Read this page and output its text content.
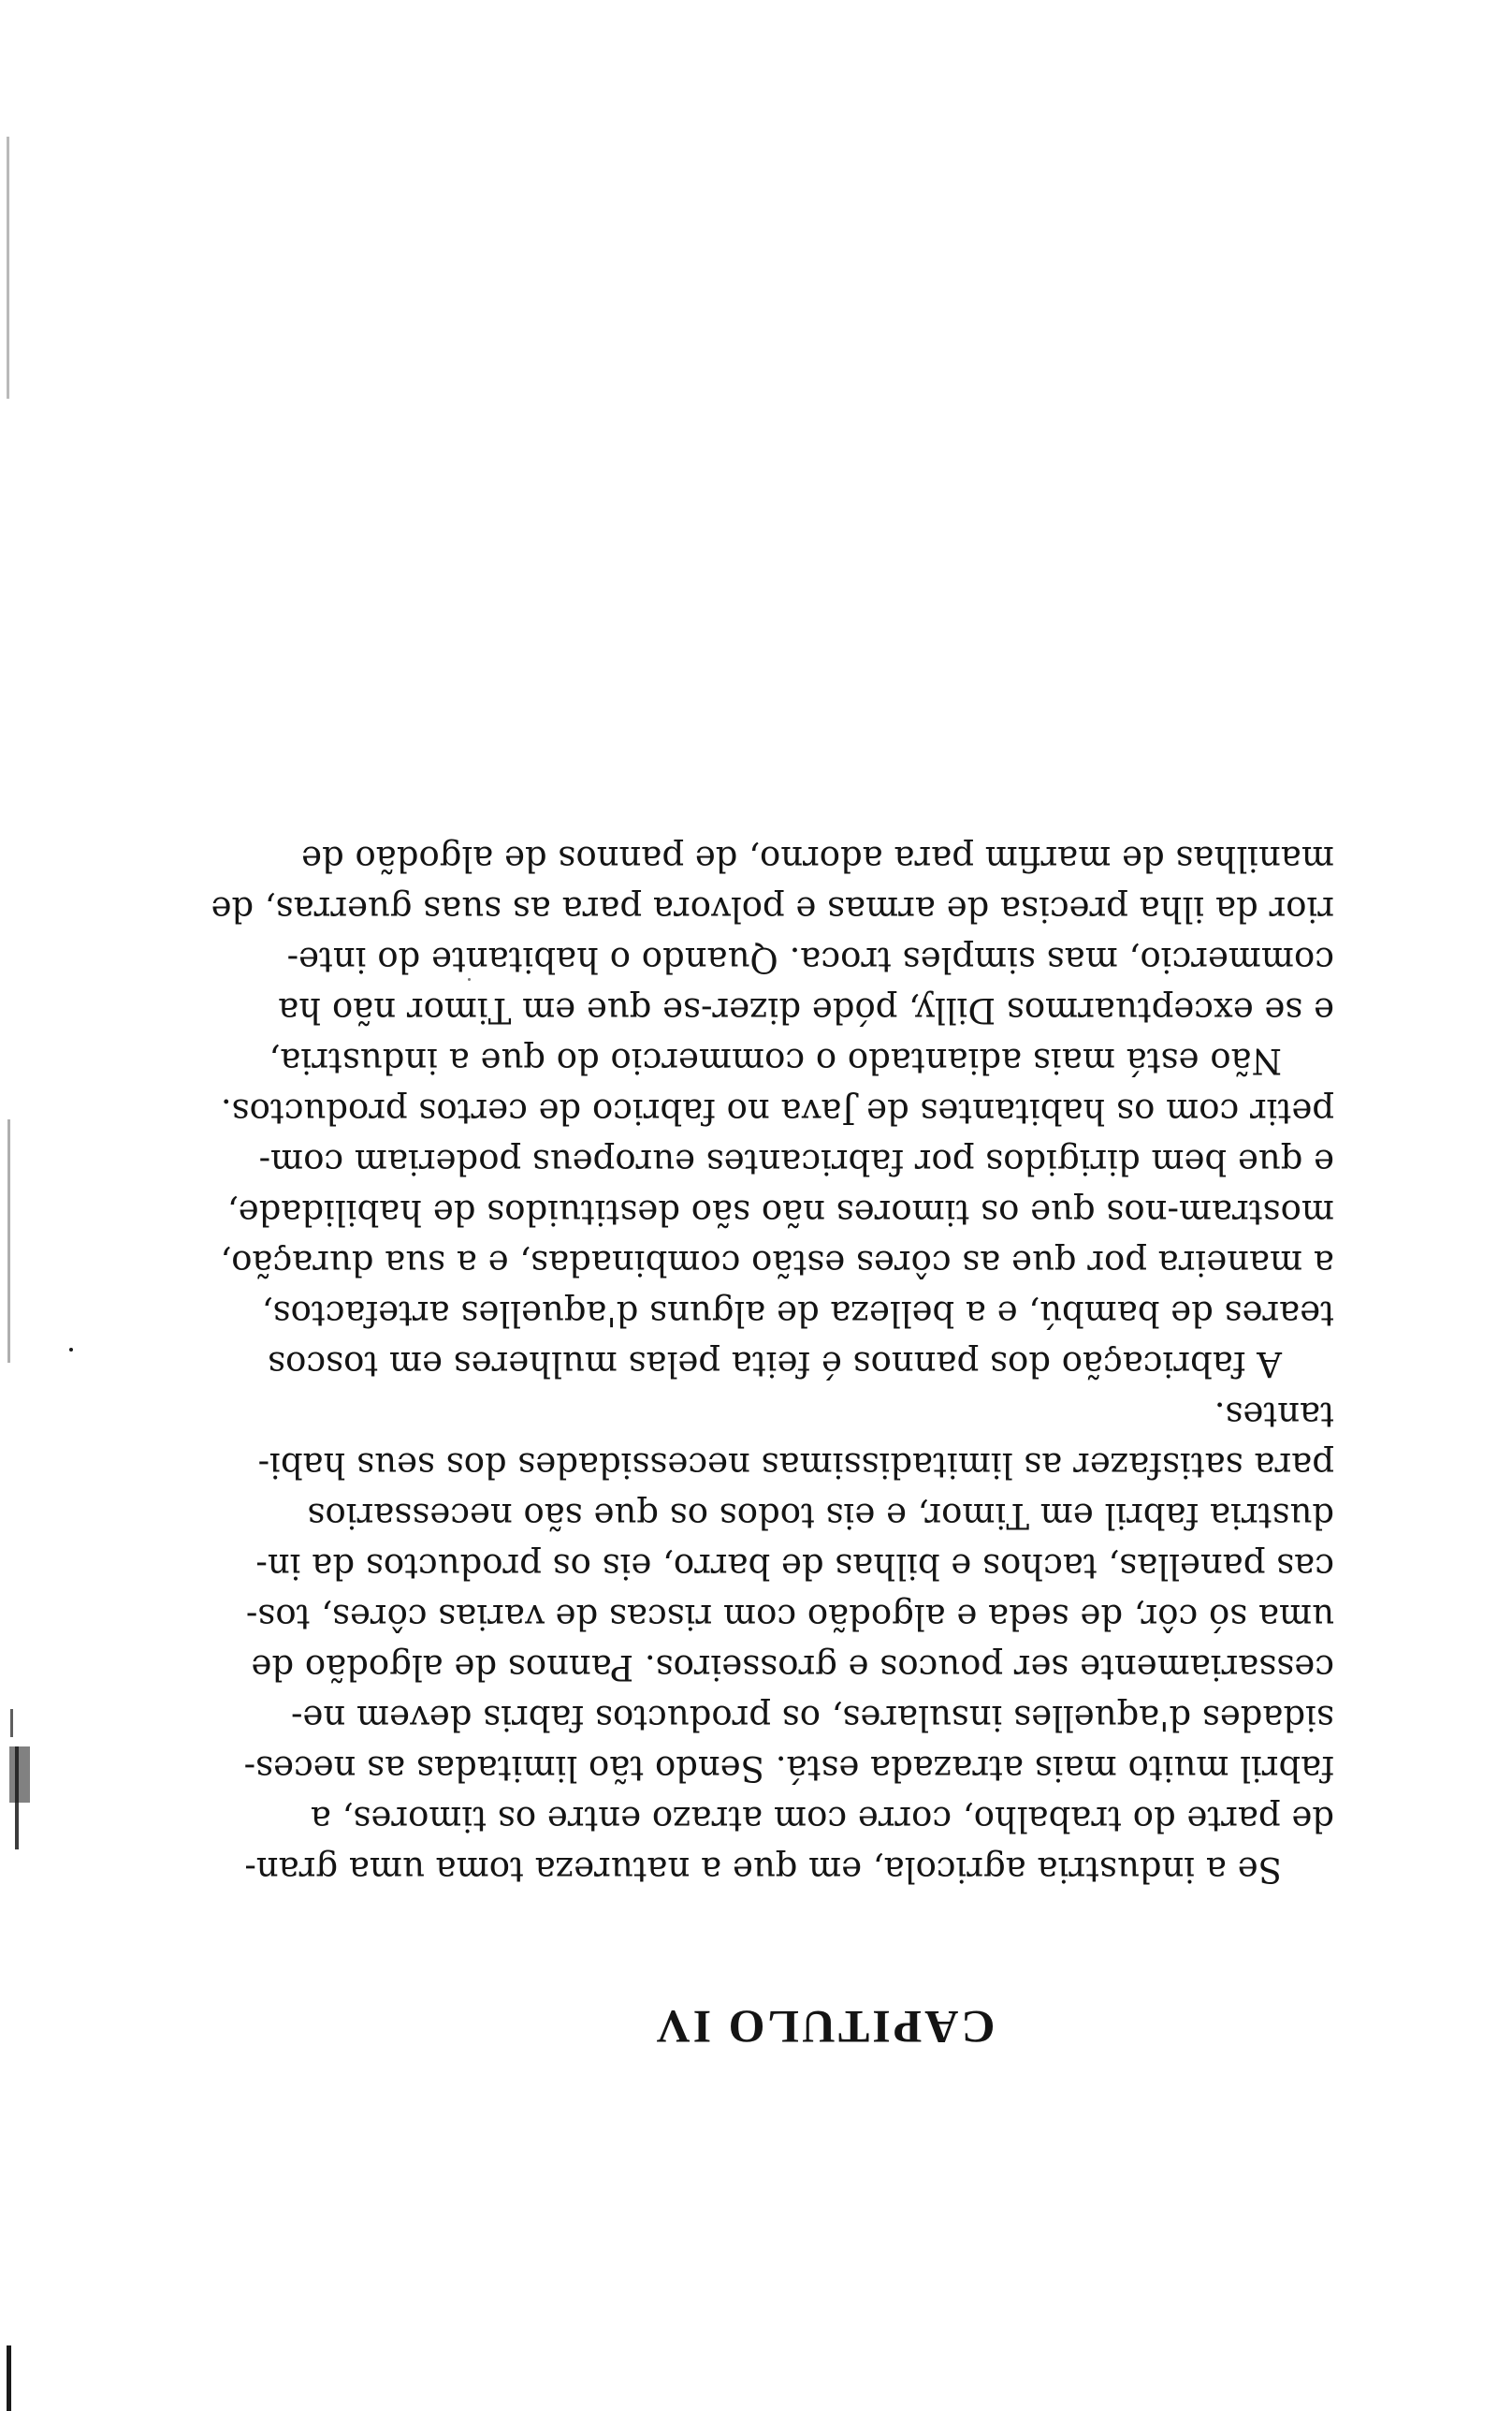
CAPITULO IV

Se a industria agricola, em que a natureza toma uma gran-
de parte do trabalho, corre com atrazo entre os timores, a
fabril muito mais atrazada está. Sendo tão limitadas as neces-
sidades d'aquelles insulares, os productos fabris devem ne-
cessariamente ser poucos e grosseiros. Pannos de algodão de
uma só côr, de seda e algodão com riscas de varias côres, tos-
cas panellas, tachos e bilhas de barro, eis os productos da in-
dustria fabril em Timor, e eis todos os que são necessarios
para satisfazer as limitadissimas necessidades dos seus habi-
tantes.

A fabricação dos pannos é feita pelas mulheres em toscos
teares de bambú, e a belleza de alguns d'aquelles artefactos,
a maneira por que as côres estão combinadas, e a sua duração,
mostram-nos que os timores não são destituidos de habilidade,
e que bem dirigidos por fabricantes europeus poderiam com-
petir com os habitantes de Java no fabrico de certos productos.

Não está mais adiantado o commercio do que a industria,
e se exceptuarmos Dilly, póde dizer-se que em Timor não ha
commercio, mas simples troca. Quando o habitante do inte-
rior da ilha precisa de armas e polvora para as suas guerras, de
manilhas de marfim para adorno, de pannos de algodão de
